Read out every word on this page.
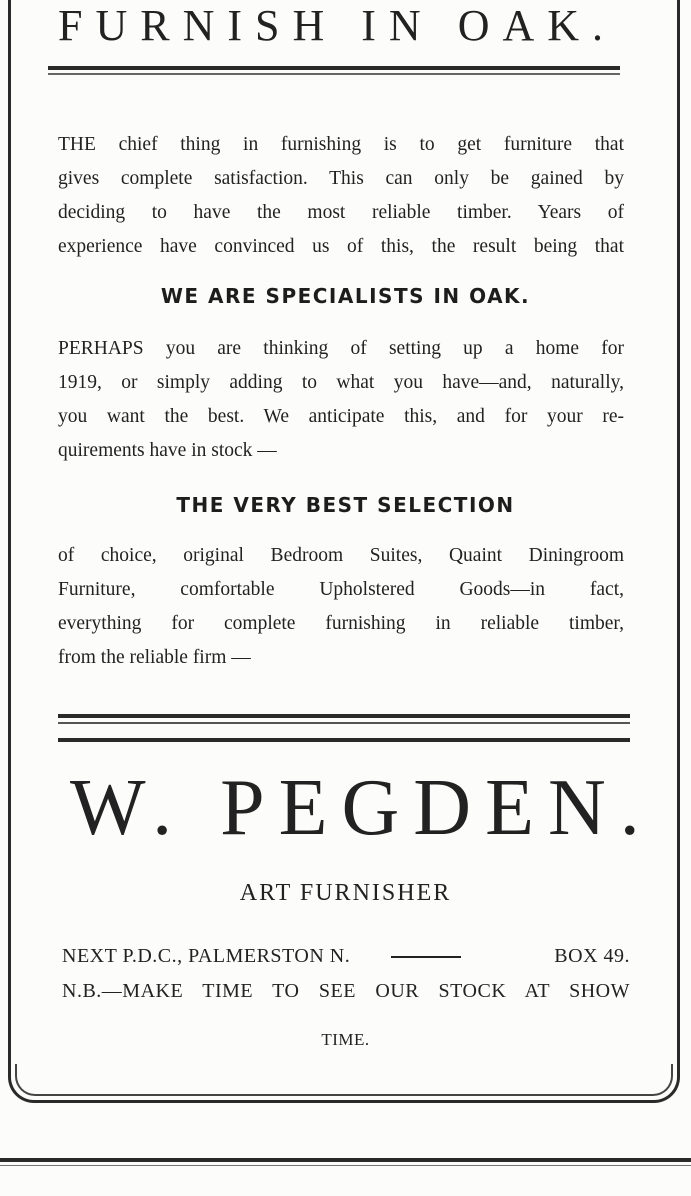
FURNISH IN OAK.

THE chief thing in furnishing is to get furniture that
gives complete satisfaction. This can only be gained by
deciding to have the most reliable timber. Years of
experience have convinced us of this, the result being that

WE ARE SPECIALISTS IN OAK.

PERHAPS you are thinking of setting up a home for
1919, or simply adding to what you have—and, naturally,
you want the best. We anticipate this, and for your re-
quirements have in stock —

THE VERY BEST SELECTION

of choice, original Bedroom Suites, Quaint Diningroom
Furniture, comfortable Upholstered Goods—in fact,
everything for complete furnishing in reliable timber,
from the reliable firm —

W. PEGDEN.

ART FURNISHER

NEXT P.D.C., PALMERSTON N.	BOX 49.
N.B.—MAKE TIME TO SEE OUR STOCK AT SHOW
TIME.
